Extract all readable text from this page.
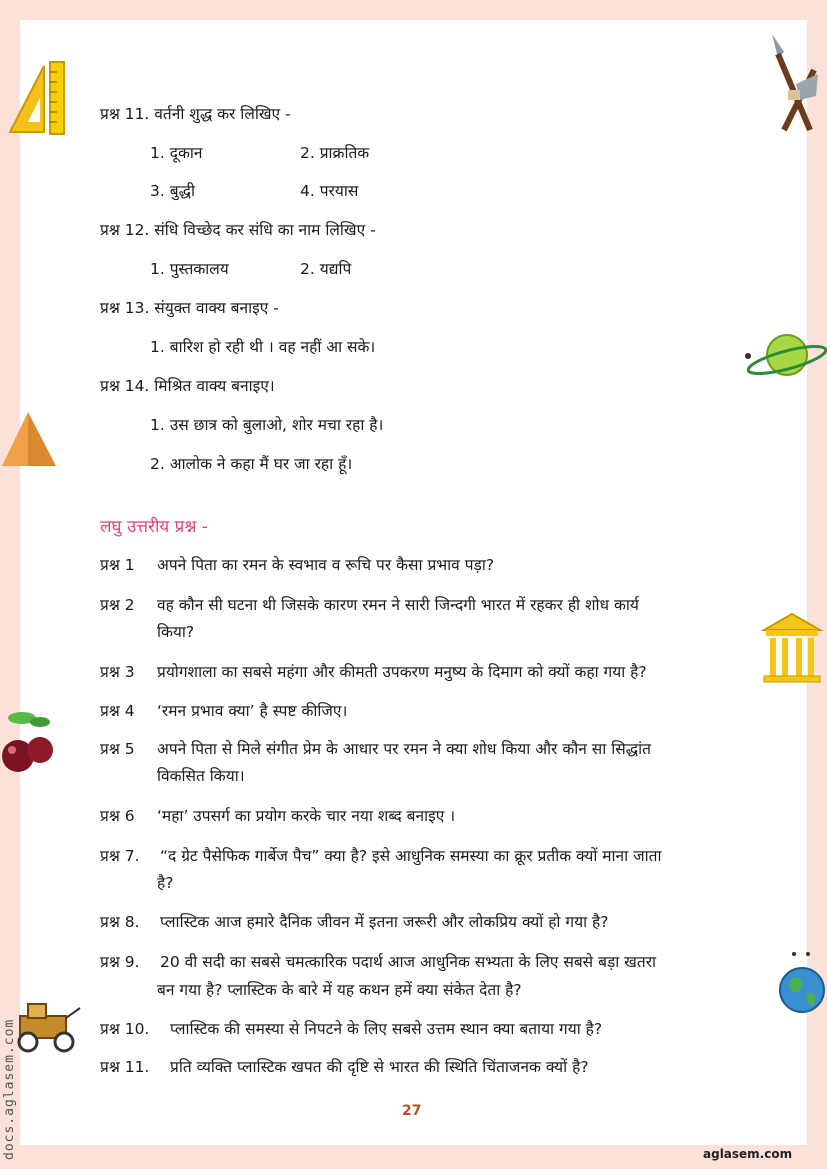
प्रश्न 11. वर्तनी शुद्ध कर लिखिए -
1. दूकान	2. प्राक्रतिक
3. बुद्धी	4. परयास
प्रश्न 12. संधि विच्छेद कर संधि का नाम लिखिए -
1. पुस्तकालय	2. यद्यपि
प्रश्न 13. संयुक्त वाक्य बनाइए -
1. बारिश हो रही थी । वह नहीं आ सके।
प्रश्न 14. मिश्रित वाक्य बनाइए।
1. उस छात्र को बुलाओ, शोर मचा रहा है।
2. आलोक ने कहा मैं घर जा रहा हूँ।
लघु उत्तरीय प्रश्न -
प्रश्न 1 अपने पिता का रमन के स्वभाव व रूचि पर कैसा प्रभाव पड़ा?
प्रश्न 2 वह कौन सी घटना थी जिसके कारण रमन ने सारी जिन्दगी भारत में रहकर ही शोध कार्य
किया?
प्रश्न 3 प्रयोगशाला का सबसे महंगा और कीमती उपकरण मनुष्य के दिमाग को क्यों कहा गया है?
प्रश्न 4 ‘रमन प्रभाव क्या’ है स्पष्ट कीजिए।
प्रश्न 5 अपने पिता से मिले संगीत प्रेम के आधार पर रमन ने क्या शोध किया और कौन सा सिद्धांत
विकसित किया।
प्रश्न 6 ‘महा’ उपसर्ग का प्रयोग करके चार नया शब्द बनाइए ।
प्रश्न 7. “द ग्रेट पैसेफिक गार्बेज पैच” क्या है? इसे आधुनिक समस्या का क्रूर प्रतीक क्यों माना जाता
है?
प्रश्न 8. प्लास्टिक आज हमारे दैनिक जीवन में इतना जरूरी और लोकप्रिय क्यों हो गया है?
प्रश्न 9. 20 वी सदी का सबसे चमत्कारिक पदार्थ आज आधुनिक सभ्यता के लिए सबसे बड़ा खतरा
बन गया है? प्लास्टिक के बारे में यह कथन हमें क्या संकेत देता है?
प्रश्न 10. प्लास्टिक की समस्या से निपटने के लिए सबसे उत्तम स्थान क्या बताया गया है?
प्रश्न 11. प्रति व्यक्ति प्लास्टिक खपत की दृष्टि से भारत की स्थिति चिंताजनक क्यों है?
27
aglasem.com
docs.aglasem.com
